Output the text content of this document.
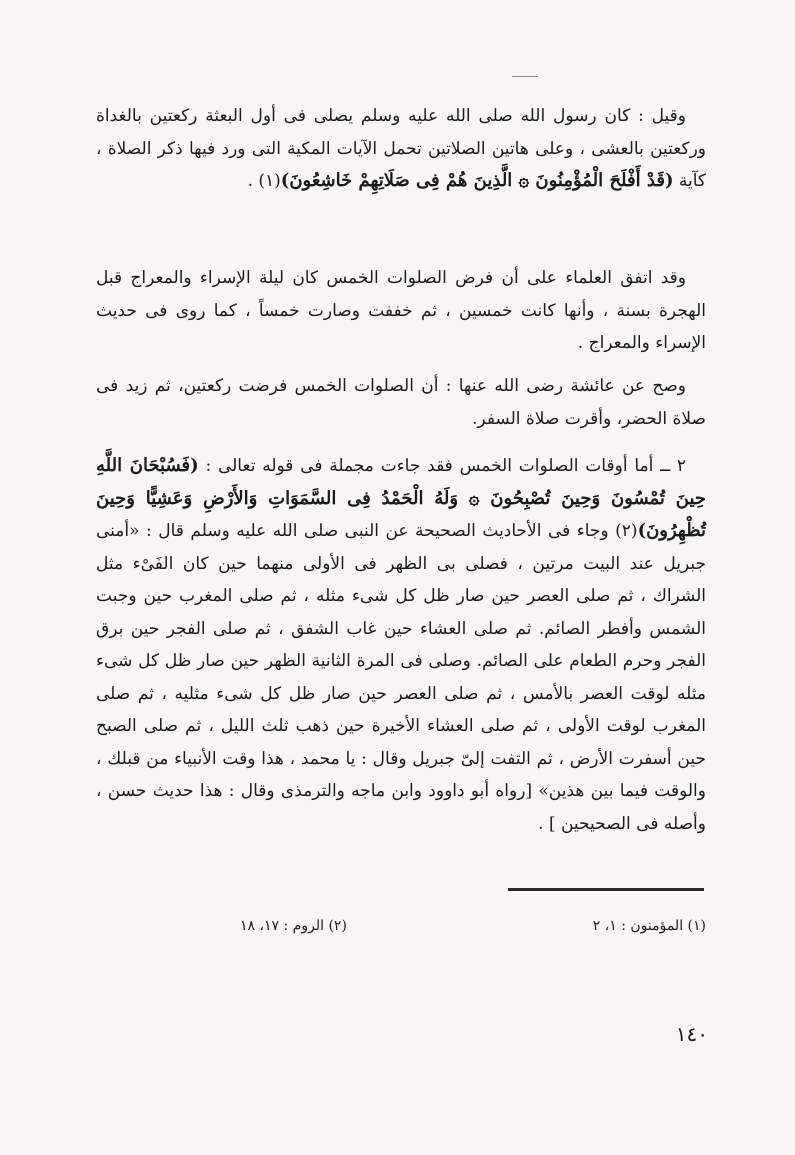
وقيل : كان رسول الله صلى الله عليه وسلم يصلى فى أول البعثة ركعتين بالغداة وركعتين بالعشى ، وعلى هاتين الصلاتين تحمل الآيات المكية التى ورد فيها ذكر الصلاة ، كآية (قَدْ أَفْلَحَ الْمُؤْمِنُونَ ۞ الَّذِينَ هُمْ فِى صَلَاتِهِمْ خَاشِعُونَ)(١) .

وقد اتفق العلماء على أن فرض الصلوات الخمس كان ليلة الإسراء والمعراج قبل الهجرة بسنة ، وأنها كانت خمسين ، ثم خففت وصارت خمساً ، كما روى فى حديث الإسراء والمعراج .

وصح عن عائشة رضى الله عنها : أن الصلوات الخمس فرضت ركعتين، ثم زيد فى صلاة الحضر، وأقرت صلاة السفر.

٢ ــ أما أوقات الصلوات الخمس فقد جاءت مجملة فى قوله تعالى : (فَسُبْحَانَ اللَّهِ حِينَ تُمْسُونَ وَحِينَ تُصْبِحُونَ ۞ وَلَهُ الْحَمْدُ فِى السَّمَوَاتِ وَالأَرْضِ وَعَشِيًّا وَحِينَ تُظْهِرُونَ)(٢) وجاء فى الأحاديث الصحيحة عن النبى صلى الله عليه وسلم قال : «أمنى جبريل عند البيت مرتين ، فصلى بى الظهر فى الأولى منهما حين كان الفَىْء مثل الشراك ، ثم صلى العصر حين صار ظل كل شىء مثله ، ثم صلى المغرب حين وجبت الشمس وأفطر الصائم. ثم صلى العشاء حين غاب الشفق ، ثم صلى الفجر حين برق الفجر وحرم الطعام على الصائم. وصلى فى المرة الثانية الظهر حين صار ظل كل شىء مثله لوقت العصر بالأمس ، ثم صلى العصر حين صار ظل كل شىء مثليه ، ثم صلى المغرب لوقت الأولى ، ثم صلى العشاء الأخيرة حين ذهب ثلث الليل ، ثم صلى الصبح حين أسفرت الأرض ، ثم التفت إلىّ جبريل وقال : يا محمد ، هذا وقت الأنبياء من قبلك ، والوقت فيما بين هذين» [رواه أبو داوود وابن ماجه والترمذى وقال : هذا حديث حسن ، وأصله فى الصحيحين ] .

(١) المؤمنون : ١، ٢
(٢) الروم : ١٧، ١٨
١٤٠
